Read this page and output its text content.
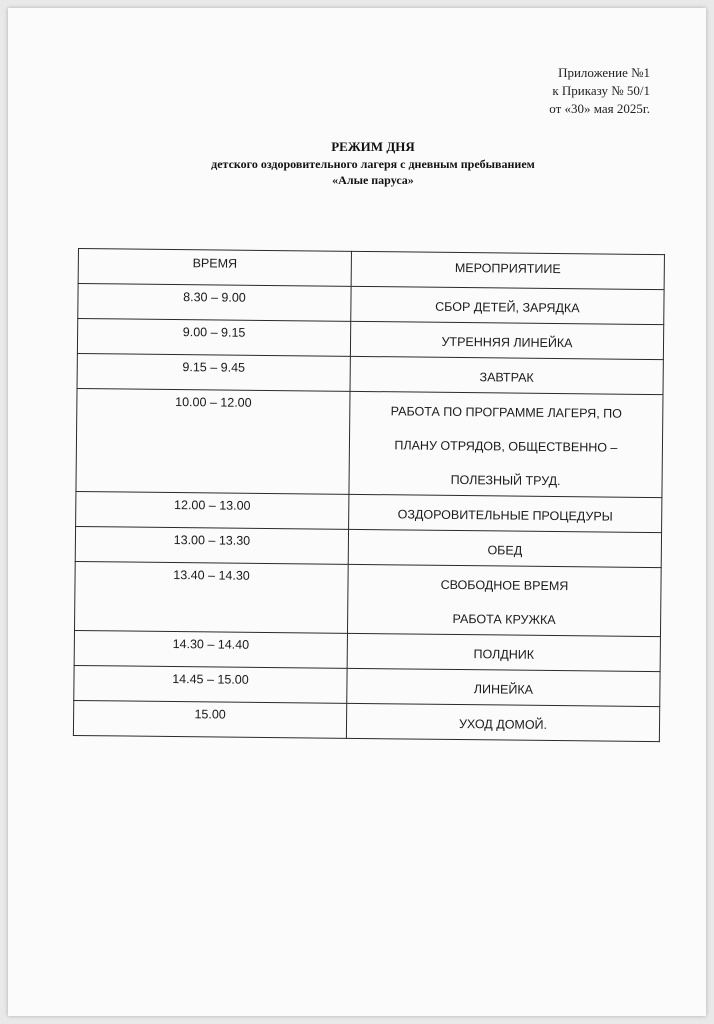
Приложение №1
к Приказу № 50/1
от «30» мая 2025г.
РЕЖИМ ДНЯ
детского оздоровительного лагеря с дневным пребыванием
«Алые паруса»
ВРЕМЯ	МЕРОПРИЯТИИЕ

8.30 – 9.00	СБОР ДЕТЕЙ, ЗАРЯДКА

9.00 – 9.15	УТРЕННЯЯ ЛИНЕЙКА

9.15 – 9.45	ЗАВТРАК

10.00 – 12.00	РАБОТА ПО ПРОГРАММЕ ЛАГЕРЯ, ПО
ПЛАНУ ОТРЯДОВ, ОБЩЕСТВЕННО –
ПОЛЕЗНЫЙ ТРУД.

12.00 – 13.00	ОЗДОРОВИТЕЛЬНЫЕ ПРОЦЕДУРЫ

13.00 – 13.30	ОБЕД

13.40 – 14.30	СВОБОДНОЕ ВРЕМЯ
РАБОТА КРУЖКА

14.30 – 14.40	ПОЛДНИК

14.45 – 15.00	ЛИНЕЙКА

15.00	УХОД ДОМОЙ.
